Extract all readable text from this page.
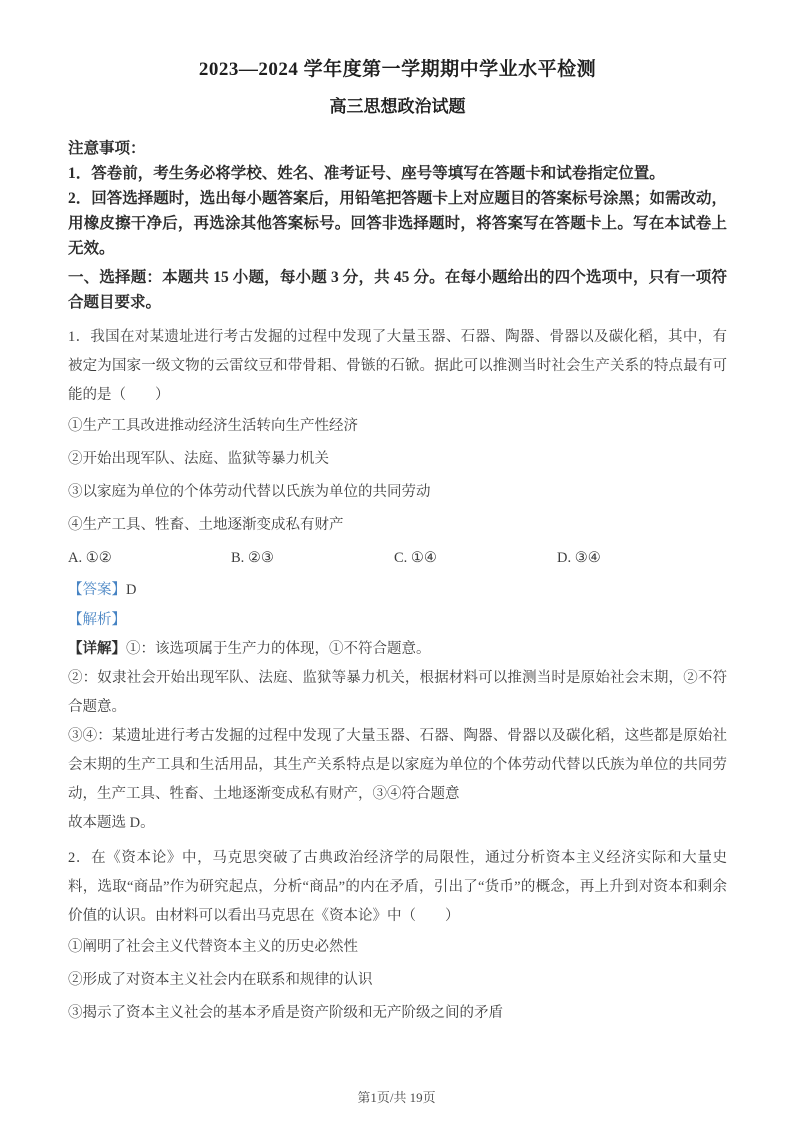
2023—2024 学年度第一学期期中学业水平检测
高三思想政治试题

注意事项：

1．答卷前，考生务必将学校、姓名、准考证号、座号等填写在答题卡和试卷指定位置。

2．回答选择题时，选出每小题答案后，用铅笔把答题卡上对应题目的答案标号涂黑；如需改动，用橡皮擦干净后，再选涂其他答案标号。回答非选择题时，将答案写在答题卡上。写在本试卷上无效。

一、选择题：本题共 15 小题，每小题 3 分，共 45 分。在每小题给出的四个选项中，只有一项符合题目要求。

1．我国在对某遗址进行考古发掘的过程中发现了大量玉器、石器、陶器、骨器以及碳化稻，其中，有被定为国家一级文物的云雷纹豆和带骨耜、骨镞的石锨。据此可以推测当时社会生产关系的特点最有可能的是（　　）

①生产工具改进推动经济生活转向生产性经济

②开始出现军队、法庭、监狱等暴力机关

③以家庭为单位的个体劳动代替以氏族为单位的共同劳动

④生产工具、牲畜、土地逐渐变成私有财产

A. ①②	B. ②③	C. ①④	D. ③④

【答案】D

【解析】

【详解】①：该选项属于生产力的体现，①不符合题意。

②：奴隶社会开始出现军队、法庭、监狱等暴力机关，根据材料可以推测当时是原始社会末期，②不符合题意。

③④：某遗址进行考古发掘的过程中发现了大量玉器、石器、陶器、骨器以及碳化稻，这些都是原始社会末期的生产工具和生活用品，其生产关系特点是以家庭为单位的个体劳动代替以氏族为单位的共同劳动，生产工具、牲畜、土地逐渐变成私有财产，③④符合题意

故本题选 D。

2．在《资本论》中，马克思突破了古典政治经济学的局限性，通过分析资本主义经济实际和大量史料，选取“商品”作为研究起点，分析“商品”的内在矛盾，引出了“货币”的概念，再上升到对资本和剩余价值的认识。由材料可以看出马克思在《资本论》中（　　）

①阐明了社会主义代替资本主义的历史必然性

②形成了对资本主义社会内在联系和规律的认识

③揭示了资本主义社会的基本矛盾是资产阶级和无产阶级之间的矛盾

第1页/共 19页
